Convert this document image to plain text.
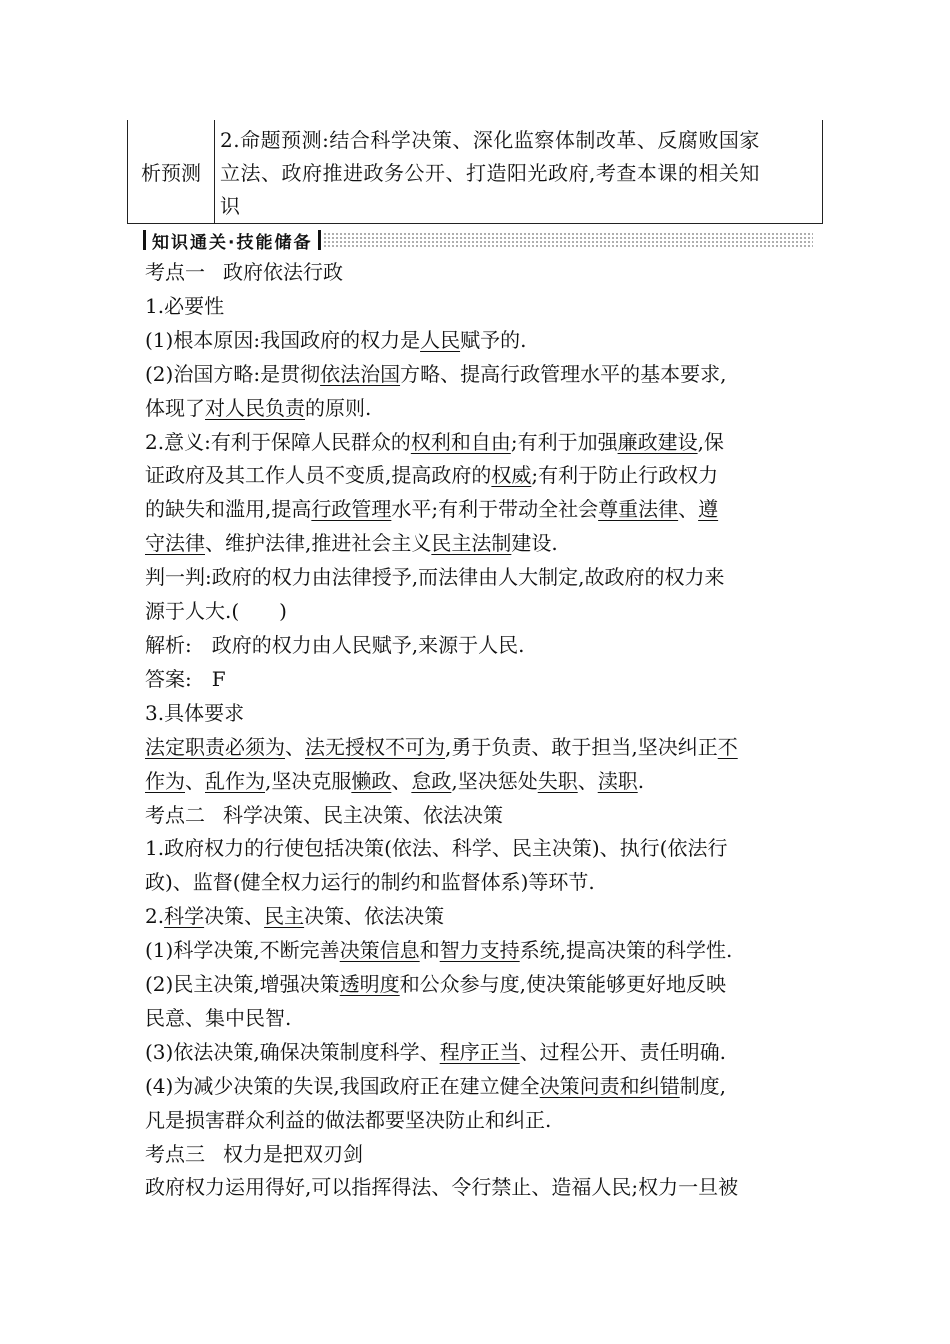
析预测
2.命题预测:结合科学决策、深化监察体制改革、反腐败国家
立法、政府推进政务公开、打造阳光政府,考查本课的相关知
识
知识通关·技能储备

考点一 政府依法行政

1.必要性

(1)根本原因:我国政府的权力是人民赋予的.

(2)治国方略:是贯彻依法治国方略、提高行政管理水平的基本要求,

体现了对人民负责的原则.

2.意义:有利于保障人民群众的权利和自由;有利于加强廉政建设,保

证政府及其工作人员不变质,提高政府的权威;有利于防止行政权力

的缺失和滥用,提高行政管理水平;有利于带动全社会尊重法律、遵

守法律、维护法律,推进社会主义民主法制建设.

判一判:政府的权力由法律授予,而法律由人大制定,故政府的权力来

源于人大.(　　)

解析:　政府的权力由人民赋予,来源于人民.

答案:　F

3.具体要求

法定职责必须为、法无授权不可为,勇于负责、敢于担当,坚决纠正不

作为、乱作为,坚决克服懒政、怠政,坚决惩处失职、渎职.

考点二 科学决策、民主决策、依法决策

1.政府权力的行使包括决策(依法、科学、民主决策)、执行(依法行

政)、监督(健全权力运行的制约和监督体系)等环节.

2.科学决策、民主决策、依法决策

(1)科学决策,不断完善决策信息和智力支持系统,提高决策的科学性.

(2)民主决策,增强决策透明度和公众参与度,使决策能够更好地反映

民意、集中民智.

(3)依法决策,确保决策制度科学、程序正当、过程公开、责任明确.

(4)为减少决策的失误,我国政府正在建立健全决策问责和纠错制度,

凡是损害群众利益的做法都要坚决防止和纠正.

考点三 权力是把双刃剑

政府权力运用得好,可以指挥得法、令行禁止、造福人民;权力一旦被
